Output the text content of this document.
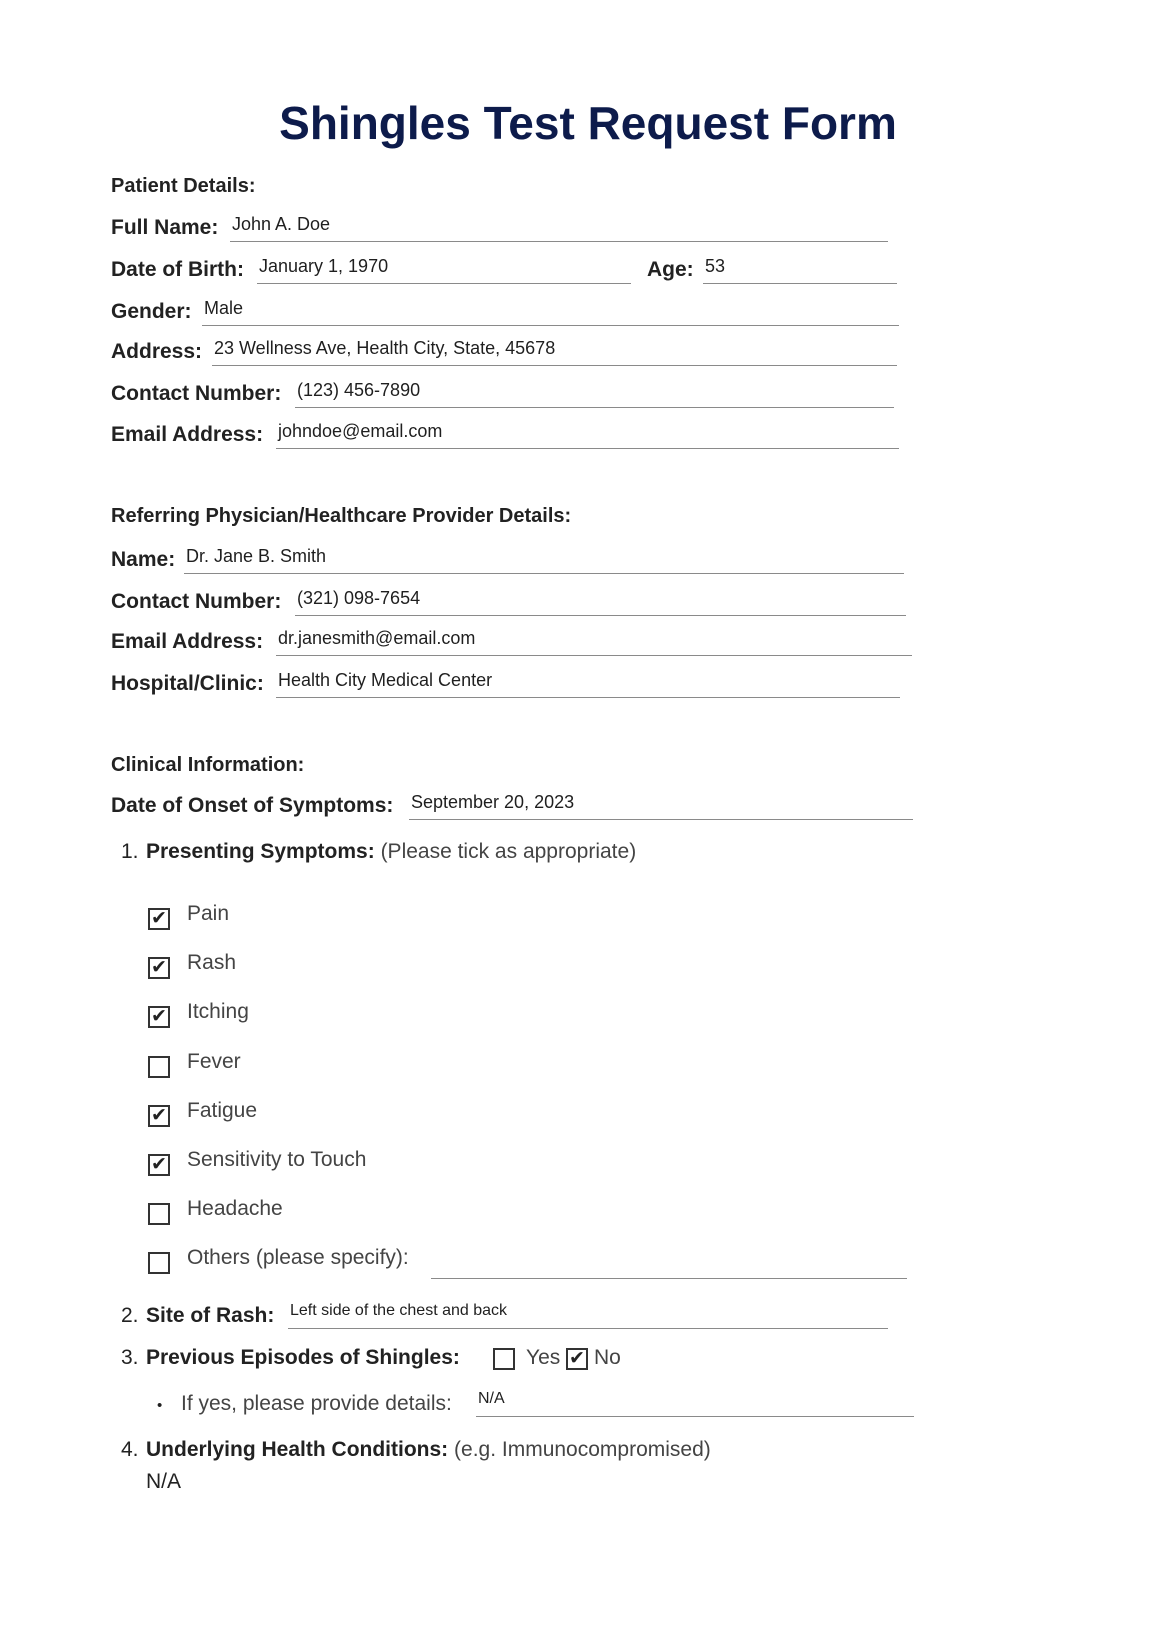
Shingles Test Request Form
Patient Details:
Full Name: John A. Doe
Date of Birth: January 1, 1970	Age: 53
Gender: Male
Address: 23 Wellness Ave, Health City, State, 45678
Contact Number: (123) 456-7890
Email Address: johndoe@email.com
Referring Physician/Healthcare Provider Details:
Name: Dr. Jane B. Smith
Contact Number: (321) 098-7654
Email Address: dr.janesmith@email.com
Hospital/Clinic: Health City Medical Center
Clinical Information:
Date of Onset of Symptoms: September 20, 2023
1. Presenting Symptoms: (Please tick as appropriate)
✔ Pain
✔ Rash
✔ Itching
Fever
✔ Fatigue
✔ Sensitivity to Touch
Headache
Others (please specify):
2. Site of Rash: Left side of the chest and back
3. Previous Episodes of Shingles:	Yes ✔ No
• If yes, please provide details: N/A
4. Underlying Health Conditions: (e.g. Immunocompromised)
N/A
